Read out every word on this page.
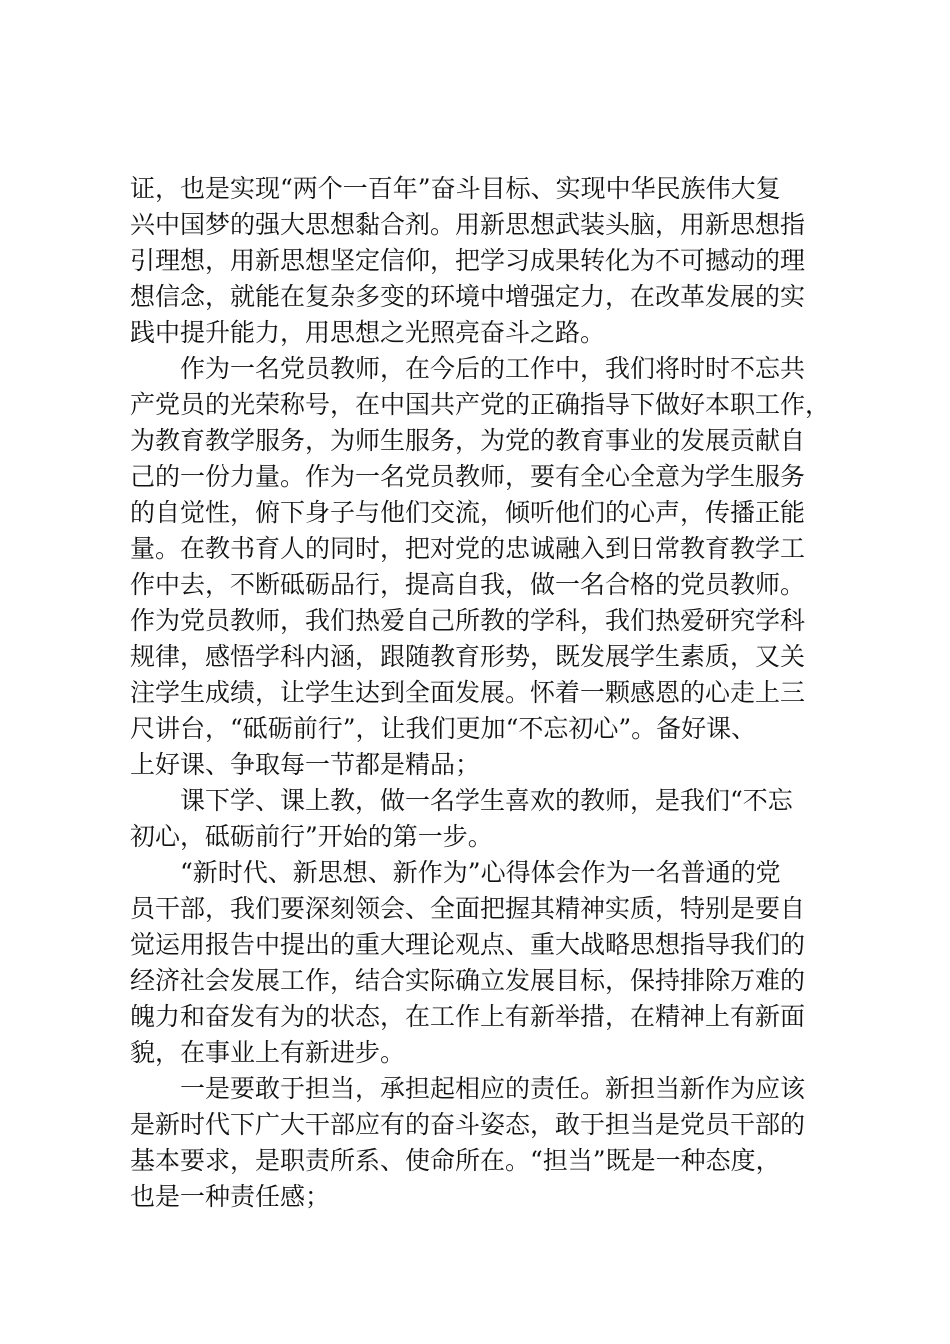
证，也是实现“两个一百年”奋斗目标、实现中华民族伟大复
兴中国梦的强大思想黏合剂。用新思想武装头脑，用新思想指
引理想，用新思想坚定信仰，把学习成果转化为不可撼动的理
想信念，就能在复杂多变的环境中增强定力，在改革发展的实
践中提升能力，用思想之光照亮奋斗之路。
作为一名党员教师，在今后的工作中，我们将时时不忘共
产党员的光荣称号，在中国共产党的正确指导下做好本职工作，
为教育教学服务，为师生服务，为党的教育事业的发展贡献自
己的一份力量。作为一名党员教师，要有全心全意为学生服务
的自觉性，俯下身子与他们交流，倾听他们的心声，传播正能
量。在教书育人的同时，把对党的忠诚融入到日常教育教学工
作中去，不断砥砺品行，提高自我，做一名合格的党员教师。
作为党员教师，我们热爱自己所教的学科，我们热爱研究学科
规律，感悟学科内涵，跟随教育形势，既发展学生素质，又关
注学生成绩，让学生达到全面发展。怀着一颗感恩的心走上三
尺讲台，“砥砺前行”，让我们更加“不忘初心”。备好课、
上好课、争取每一节都是精品；
课下学、课上教，做一名学生喜欢的教师，是我们“不忘
初心，砥砺前行”开始的第一步。
“新时代、新思想、新作为”心得体会作为一名普通的党
员干部，我们要深刻领会、全面把握其精神实质，特别是要自
觉运用报告中提出的重大理论观点、重大战略思想指导我们的
经济社会发展工作，结合实际确立发展目标，保持排除万难的
魄力和奋发有为的状态，在工作上有新举措，在精神上有新面
貌，在事业上有新进步。
一是要敢于担当，承担起相应的责任。新担当新作为应该
是新时代下广大干部应有的奋斗姿态，敢于担当是党员干部的
基本要求，是职责所系、使命所在。“担当”既是一种态度，
也是一种责任感；
